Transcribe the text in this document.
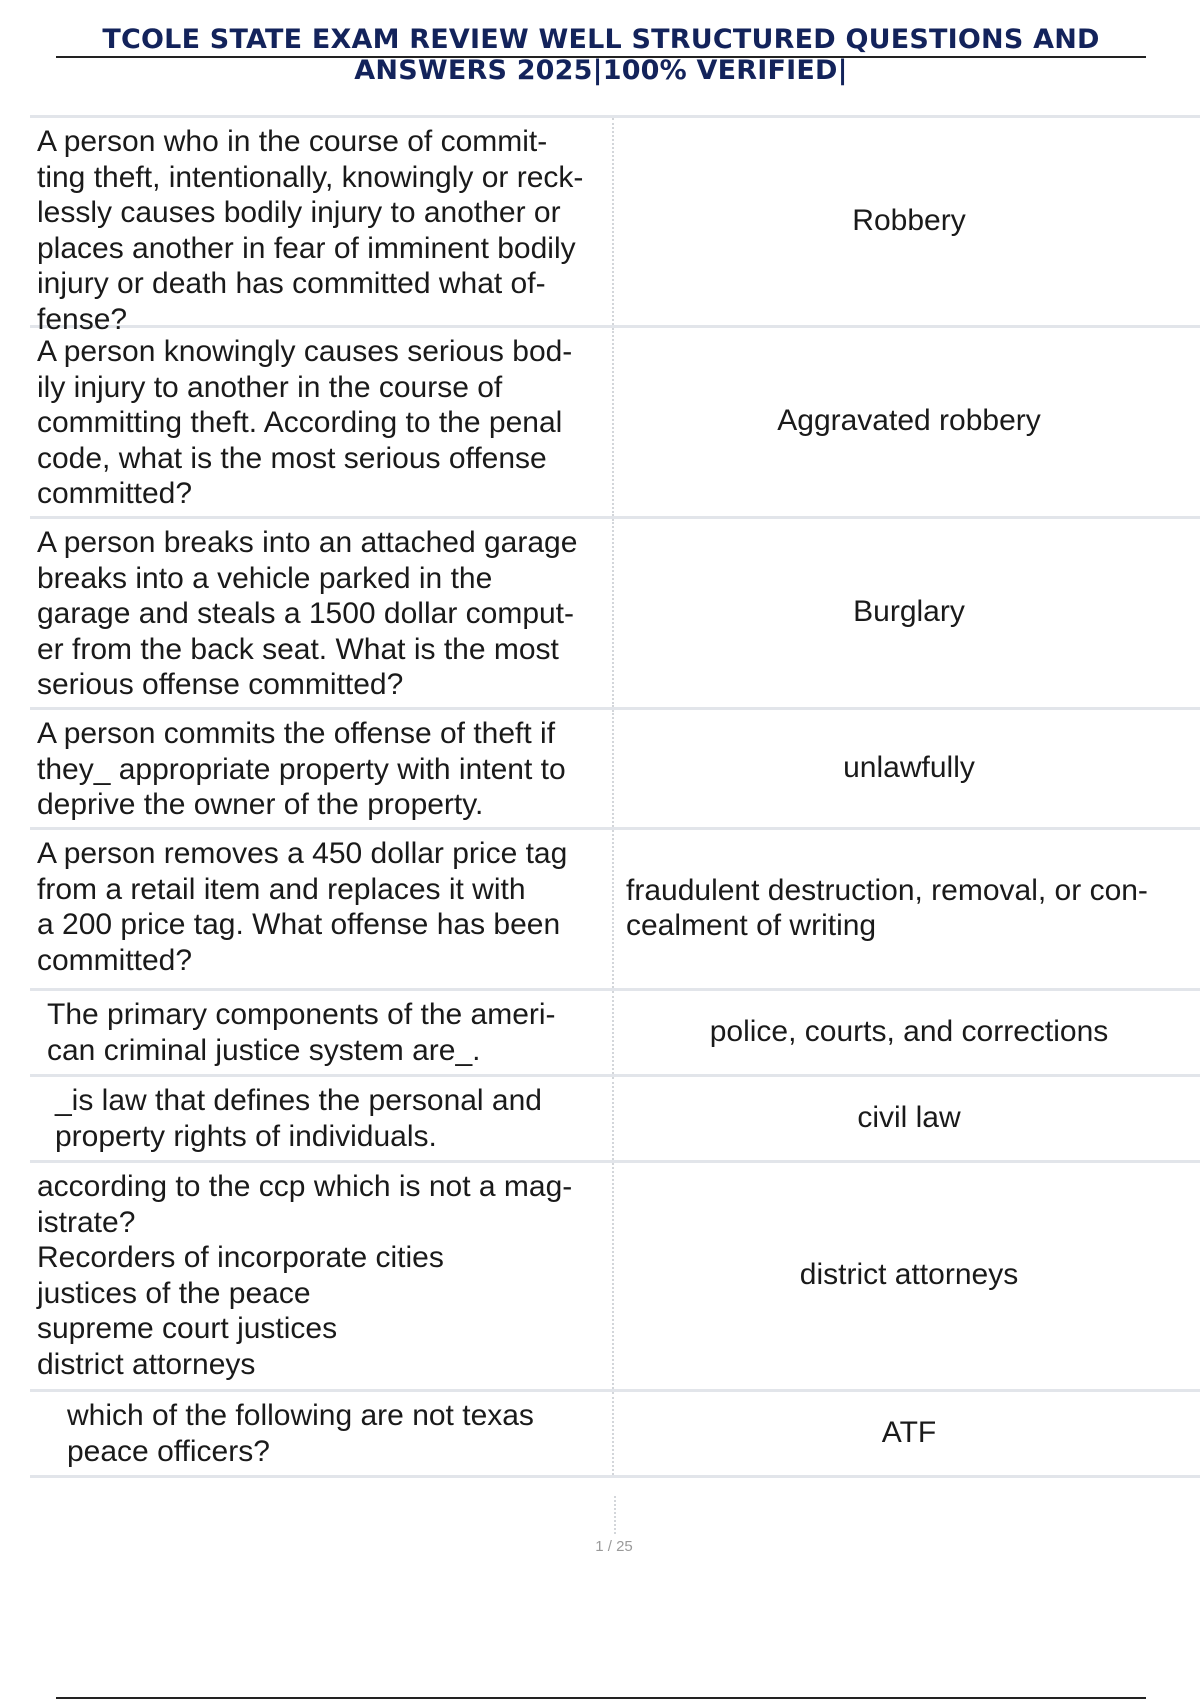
TCOLE STATE EXAM REVIEW WELL STRUCTURED QUESTIONS AND
ANSWERS 2025|100% VERIFIED|
A person who in the course of commit-
ting theft, intentionally, knowingly or reck-
lessly causes bodily injury to another or
places another in fear of imminent bodily
injury or death has committed what of-
fense?
Robbery
A person knowingly causes serious bod-
ily injury to another in the course of
committing theft. According to the penal
code, what is the most serious offense
committed?
Aggravated robbery
A person breaks into an attached garage
breaks into a vehicle parked in the
garage and steals a 1500 dollar comput-
er from the back seat. What is the most
serious offense committed?
Burglary
A person commits the offense of theft if
they_ appropriate property with intent to
deprive the owner of the property.
unlawfully
A person removes a 450 dollar price tag
from a retail item and replaces it with
a 200 price tag. What offense has been
committed?
fraudulent destruction, removal, or con- cealment of writing
The primary components of the ameri-
can criminal justice system are_.
police, courts, and corrections
_is law that defines the personal and
property rights of individuals.
civil law
according to the ccp which is not a mag-
istrate?
Recorders of incorporate cities
justices of the peace
supreme court justices
district attorneys
district attorneys
which of the following are not texas
peace officers?
ATF
1 / 25
